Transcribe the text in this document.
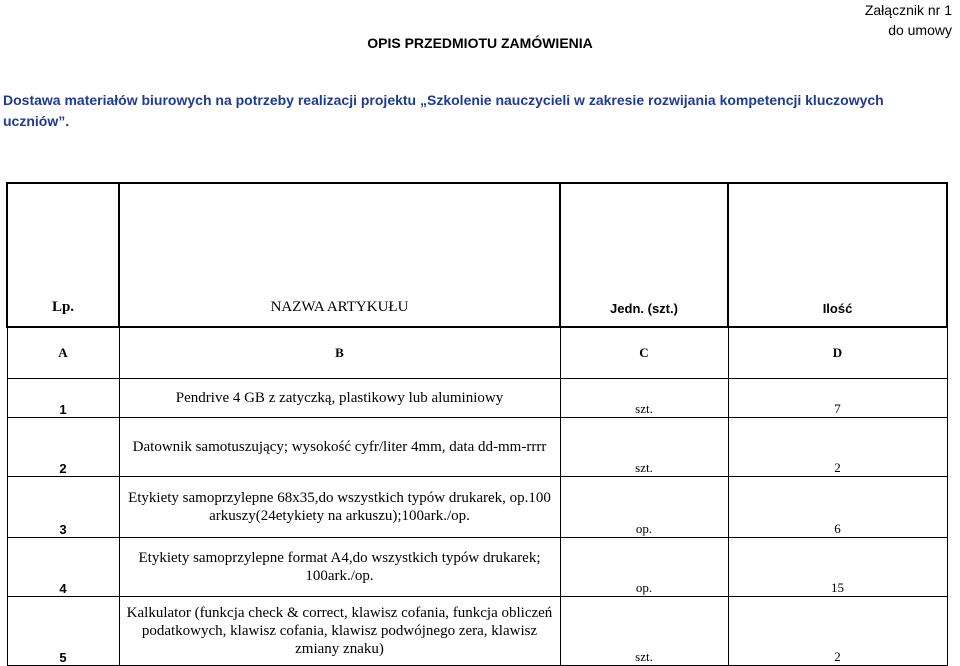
Załącznik nr 1
do umowy
OPIS PRZEDMIOTU ZAMÓWIENIA
Dostawa materiałów biurowych na potrzeby realizacji projektu „Szkolenie nauczycieli w zakresie rozwijania kompetencji kluczowych uczniów”.
Lp.	NAZWA ARTYKUŁU	Jedn. (szt.)	Ilość
A	B	C	D
1	Pendrive 4 GB z zatyczką, plastikowy lub aluminiowy	szt.	7
2	Datownik samotuszujący; wysokość cyfr/liter 4mm, data dd-mm-rrrr	szt.	2
3	Etykiety samoprzylepne 68x35,do wszystkich typów drukarek, op.100 arkuszy(24etykiety na arkuszu);100ark./op.	op.	6
4	Etykiety samoprzylepne format A4,do wszystkich typów drukarek; 100ark./op.	op.	15
5	Kalkulator (funkcja check & correct, klawisz cofania, funkcja obliczeń podatkowych, klawisz cofania, klawisz podwójnego zera, klawisz zmiany znaku)	szt.	2
